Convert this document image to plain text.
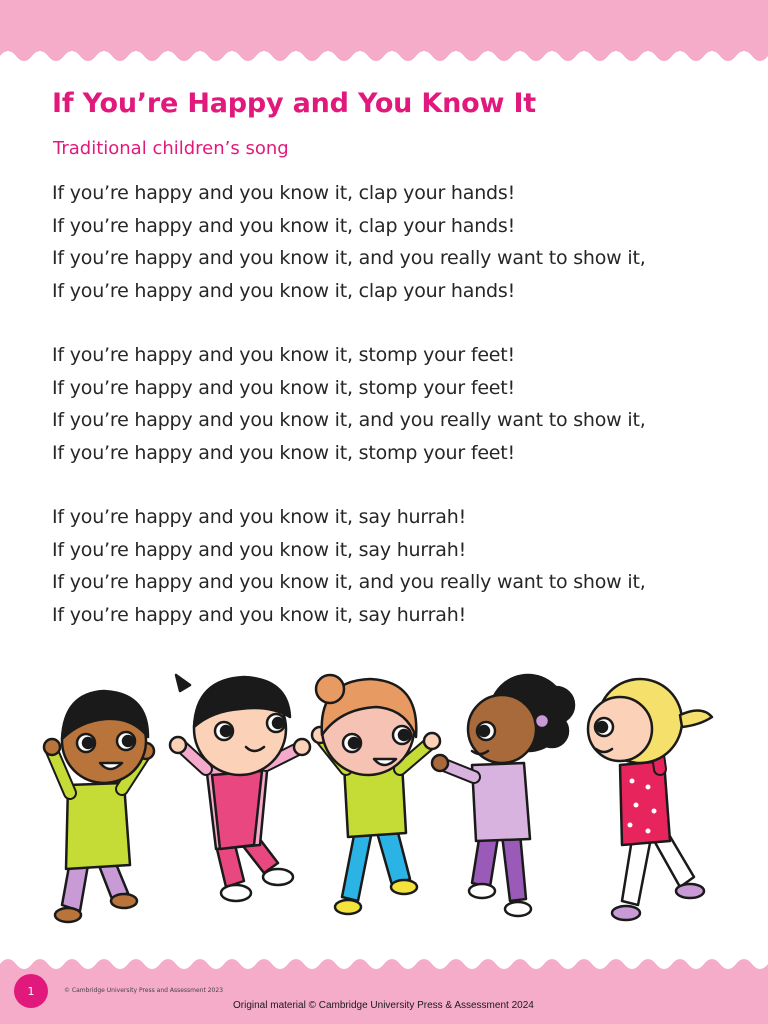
If You’re Happy and You Know It

Traditional children’s song

If you’re happy and you know it, clap your hands!
If you’re happy and you know it, clap your hands!
If you’re happy and you know it, and you really want to show it,
If you’re happy and you know it, clap your hands!
If you’re happy and you know it, stomp your feet!
If you’re happy and you know it, stomp your feet!
If you’re happy and you know it, and you really want to show it,
If you’re happy and you know it, stomp your feet!
If you’re happy and you know it, say hurrah!
If you’re happy and you know it, say hurrah!
If you’re happy and you know it, and you really want to show it,
If you’re happy and you know it, say hurrah!
1	© Cambridge University Press and Assessment 2023
Original material © Cambridge University Press & Assessment 2024
